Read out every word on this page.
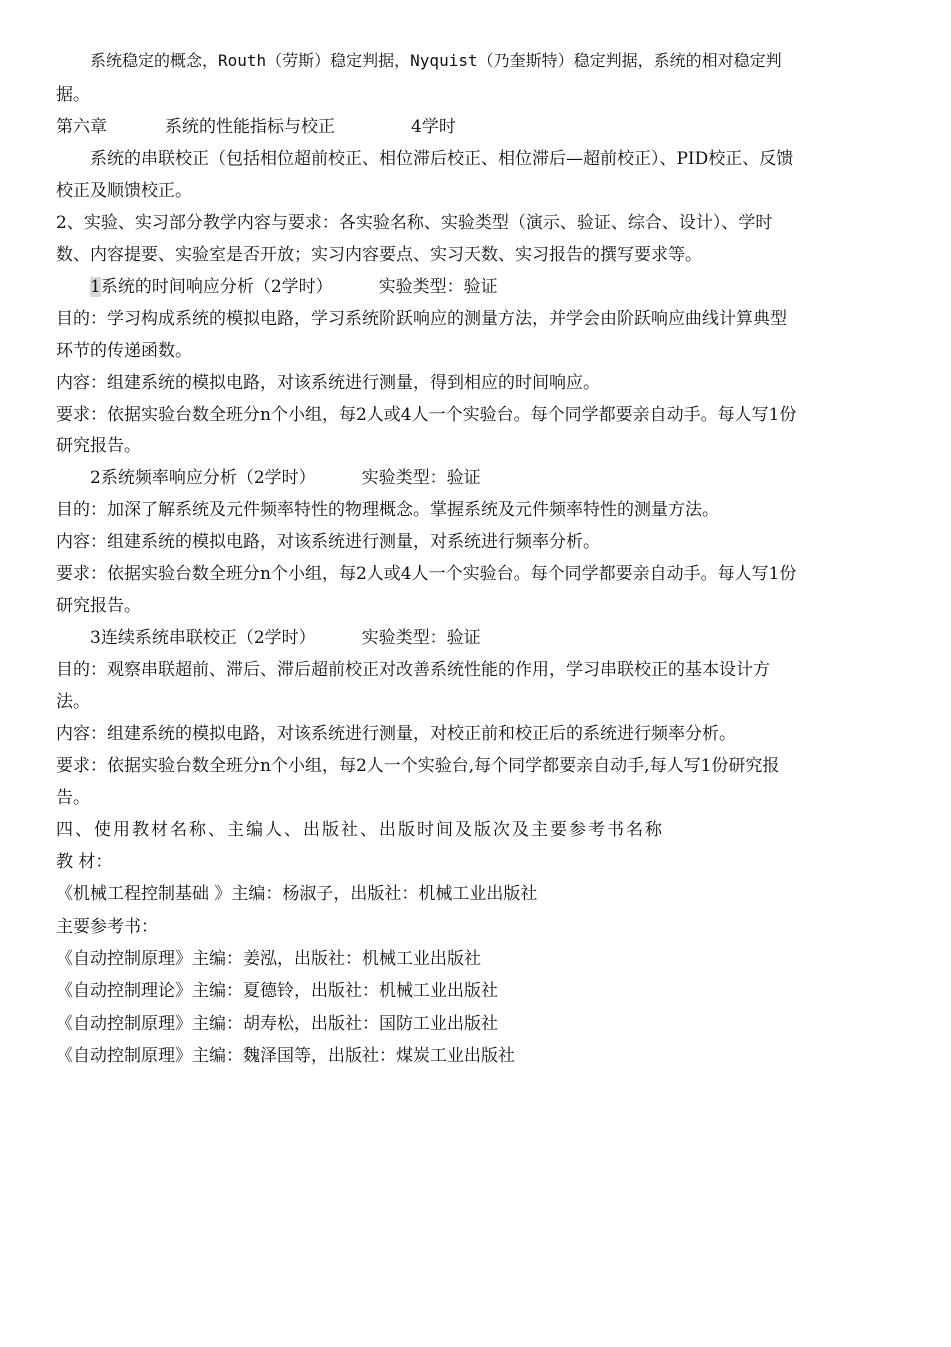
系统稳定的概念，Routh（劳斯）稳定判据，Nyquist（乃奎斯特）稳定判据，系统的相对稳定判
据。
第六章	系统的性能指标与校正	4学时
系统的串联校正（包括相位超前校正、相位滞后校正、相位滞后—超前校正）、PID校正、反馈
校正及顺馈校正。
2、实验、实习部分教学内容与要求：各实验名称、实验类型（演示、验证、综合、设计）、学时
数、内容提要、实验室是否开放；实习内容要点、实习天数、实习报告的撰写要求等。
1系统的时间响应分析（2学时）	实验类型：验证
目的：学习构成系统的模拟电路，学习系统阶跃响应的测量方法，并学会由阶跃响应曲线计算典型
环节的传递函数。
内容：组建系统的模拟电路，对该系统进行测量，得到相应的时间响应。
要求：依据实验台数全班分n个小组，每2人或4人一个实验台。每个同学都要亲自动手。每人写1份
研究报告。
2系统频率响应分析（2学时）	实验类型：验证
目的：加深了解系统及元件频率特性的物理概念。掌握系统及元件频率特性的测量方法。
内容：组建系统的模拟电路，对该系统进行测量，对系统进行频率分析。
要求：依据实验台数全班分n个小组，每2人或4人一个实验台。每个同学都要亲自动手。每人写1份
研究报告。
3连续系统串联校正（2学时）	实验类型：验证
目的：观察串联超前、滞后、滞后超前校正对改善系统性能的作用，学习串联校正的基本设计方
法。
内容：组建系统的模拟电路，对该系统进行测量，对校正前和校正后的系统进行频率分析。
要求：依据实验台数全班分n个小组，每2人一个实验台,每个同学都要亲自动手,每人写1份研究报
告。
四、使用教材名称、主编人、出版社、出版时间及版次及主要参考书名称
教 材：
《机械工程控制基础 》主编：杨淑子，出版社：机械工业出版社
主要参考书：
《自动控制原理》主编：姜泓，出版社：机械工业出版社
《自动控制理论》主编：夏德铃，出版社：机械工业出版社
《自动控制原理》主编：胡寿松，出版社：国防工业出版社
《自动控制原理》主编：魏泽国等，出版社：煤炭工业出版社
